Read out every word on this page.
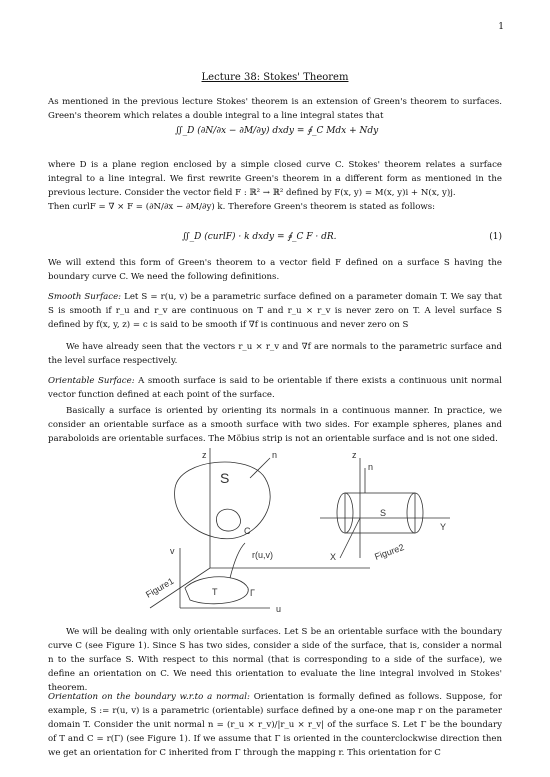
1
Lecture 38: Stokes' Theorem

As mentioned in the previous lecture Stokes' theorem is an extension of Green's theorem to surfaces. Green's theorem which relates a double integral to a line integral states that

∬_D (∂N/∂x − ∂M/∂y) dxdy = ∮_C Mdx + Ndy

where D is a plane region enclosed by a simple closed curve C. Stokes' theorem relates a surface integral to a line integral. We first rewrite Green's theorem in a different form as mentioned in the previous lecture. Consider the vector field F : ℝ² → ℝ² defined by F(x, y) = M(x, y)i + N(x, y)j.

Then curlF = ∇ × F = (∂N/∂x − ∂M/∂y) k. Therefore Green's theorem is stated as follows:

∬_D (curlF) · k dxdy = ∮_C F · dR.	(1)

We will extend this form of Green's theorem to a vector field F defined on a surface S having the boundary curve C. We need the following definitions.

Smooth Surface: Let S = r(u, v) be a parametric surface defined on a parameter domain T. We say that S is smooth if r_u and r_v are continuous on T and r_u × r_v is never zero on T. A level surface S defined by f(x, y, z) = c is said to be smooth if ∇f is continuous and never zero on S

We have already seen that the vectors r_u × r_v and ∇f are normals to the parametric surface and the level surface respectively.

Orientable Surface: A smooth surface is said to be orientable if there exists a continuous unit normal vector function defined at each point of the surface.

Basically a surface is oriented by orienting its normals in a continuous manner. In practice, we consider an orientable surface as a smooth surface with two sides. For example spheres, planes and paraboloids are orientable surfaces. The Möbius strip is not an orientable surface and is not one sided.

z
S
n
C
T	Γ
r(u,v)
Figure1
Figure2
z
n
S
Y
X
u
v

We will be dealing with only orientable surfaces. Let S be an orientable surface with the boundary curve C (see Figure 1). Since S has two sides, consider a side of the surface, that is, consider a normal n to the surface S. With respect to this normal (that is corresponding to a side of the surface), we define an orientation on C. We need this orientation to evaluate the line integral involved in Stokes' theorem.

Orientation on the boundary w.r.to a normal: Orientation is formally defined as follows. Suppose, for example, S := r(u, v) is a parametric (orientable) surface defined by a one-one map r on the parameter domain T. Consider the unit normal n = (r_u × r_v)/|r_u × r_v| of the surface S. Let Γ be the boundary of T and C = r(Γ) (see Figure 1). If we assume that Γ is oriented in the counterclockwise direction then we get an orientation for C inherited from Γ through the mapping r. This orientation for C
